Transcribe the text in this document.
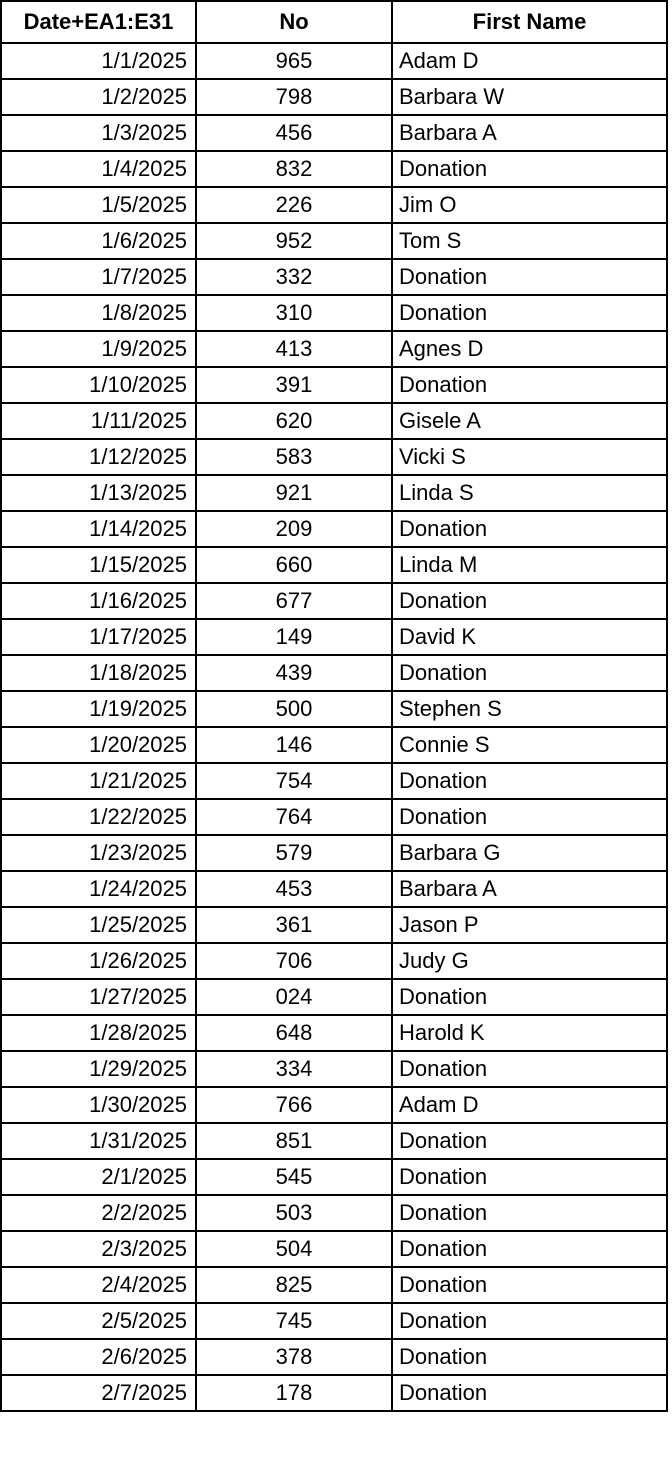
Date+EA1:E31	No	First Name
1/1/2025	965	Adam D
1/2/2025	798	Barbara W
1/3/2025	456	Barbara A
1/4/2025	832	Donation
1/5/2025	226	Jim O
1/6/2025	952	Tom S
1/7/2025	332	Donation
1/8/2025	310	Donation
1/9/2025	413	Agnes D
1/10/2025	391	Donation
1/11/2025	620	Gisele A
1/12/2025	583	Vicki S
1/13/2025	921	Linda S
1/14/2025	209	Donation
1/15/2025	660	Linda M
1/16/2025	677	Donation
1/17/2025	149	David K
1/18/2025	439	Donation
1/19/2025	500	Stephen S
1/20/2025	146	Connie S
1/21/2025	754	Donation
1/22/2025	764	Donation
1/23/2025	579	Barbara G
1/24/2025	453	Barbara A
1/25/2025	361	Jason P
1/26/2025	706	Judy G
1/27/2025	024	Donation
1/28/2025	648	Harold K
1/29/2025	334	Donation
1/30/2025	766	Adam D
1/31/2025	851	Donation
2/1/2025	545	Donation
2/2/2025	503	Donation
2/3/2025	504	Donation
2/4/2025	825	Donation
2/5/2025	745	Donation
2/6/2025	378	Donation
2/7/2025	178	Donation
